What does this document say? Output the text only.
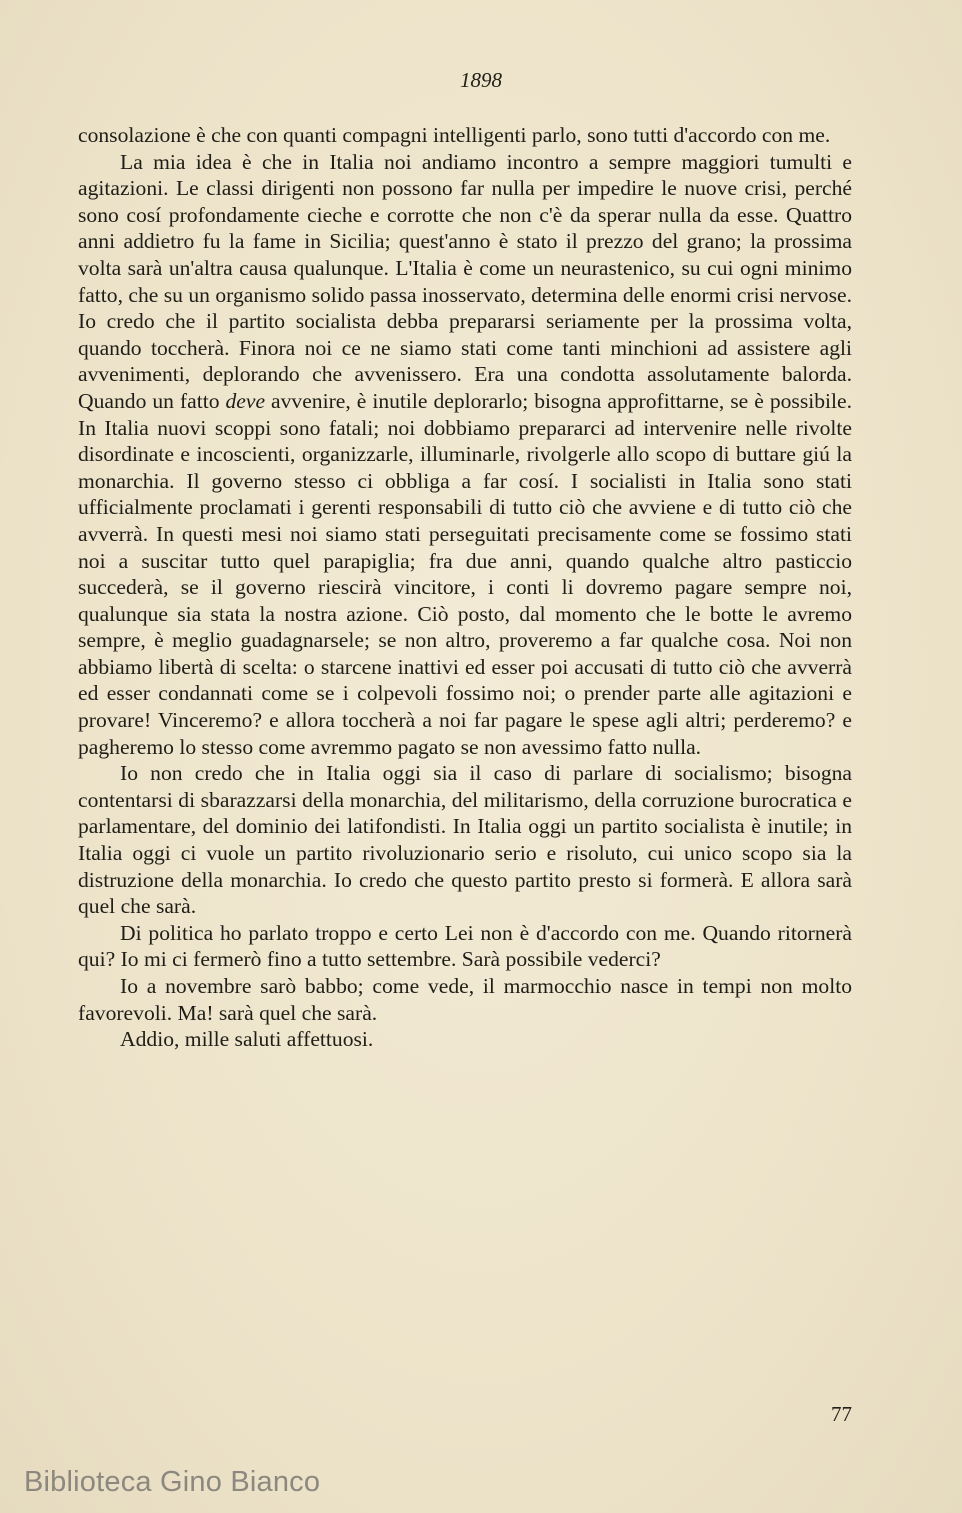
1898

consolazione è che con quanti compagni intelligenti parlo, sono tutti d'accordo con me.

La mia idea è che in Italia noi andiamo incontro a sempre maggiori tumulti e agitazioni. Le classi dirigenti non possono far nulla per impedire le nuove crisi, perché sono cosí profondamente cieche e corrotte che non c'è da sperar nulla da esse. Quattro anni addietro fu la fame in Sicilia; quest'anno è stato il prezzo del grano; la prossima volta sarà un'altra causa qualunque. L'Italia è come un neurastenico, su cui ogni minimo fatto, che su un organismo solido passa inosservato, determina delle enormi crisi nervose. Io credo che il partito socialista debba prepararsi seriamente per la prossima volta, quando toccherà. Finora noi ce ne siamo stati come tanti minchioni ad assistere agli avvenimenti, deplorando che avvenissero. Era una condotta assolutamente balorda. Quando un fatto deve avvenire, è inutile deplorarlo; bisogna approfittarne, se è possibile. In Italia nuovi scoppi sono fatali; noi dobbiamo prepararci ad intervenire nelle rivolte disordinate e incoscienti, organizzarle, illuminarle, rivolgerle allo scopo di buttare giú la monarchia. Il governo stesso ci obbliga a far cosí. I socialisti in Italia sono stati ufficialmente proclamati i gerenti responsabili di tutto ciò che avviene e di tutto ciò che avverrà. In questi mesi noi siamo stati perseguitati precisamente come se fossimo stati noi a suscitar tutto quel parapiglia; fra due anni, quando qualche altro pasticcio succederà, se il governo riescirà vincitore, i conti li dovremo pagare sempre noi, qualunque sia stata la nostra azione. Ciò posto, dal momento che le botte le avremo sempre, è meglio guadagnarsele; se non altro, proveremo a far qualche cosa. Noi non abbiamo libertà di scelta: o starcene inattivi ed esser poi accusati di tutto ciò che avverrà ed esser condannati come se i colpevoli fossimo noi; o prender parte alle agitazioni e provare! Vinceremo? e allora toccherà a noi far pagare le spese agli altri; perderemo? e pagheremo lo stesso come avremmo pagato se non avessimo fatto nulla.

Io non credo che in Italia oggi sia il caso di parlare di socialismo; bisogna contentarsi di sbarazzarsi della monarchia, del militarismo, della corruzione burocratica e parlamentare, del dominio dei latifondisti. In Italia oggi un partito socialista è inutile; in Italia oggi ci vuole un partito rivoluzionario serio e risoluto, cui unico scopo sia la distruzione della monarchia. Io credo che questo partito presto si formerà. E allora sarà quel che sarà.

Di politica ho parlato troppo e certo Lei non è d'accordo con me. Quando ritornerà qui? Io mi ci fermerò fino a tutto settembre. Sarà possibile vederci?

Io a novembre sarò babbo; come vede, il marmocchio nasce in tempi non molto favorevoli. Ma! sarà quel che sarà.

Addio, mille saluti affettuosi.

77

Biblioteca Gino Bianco
